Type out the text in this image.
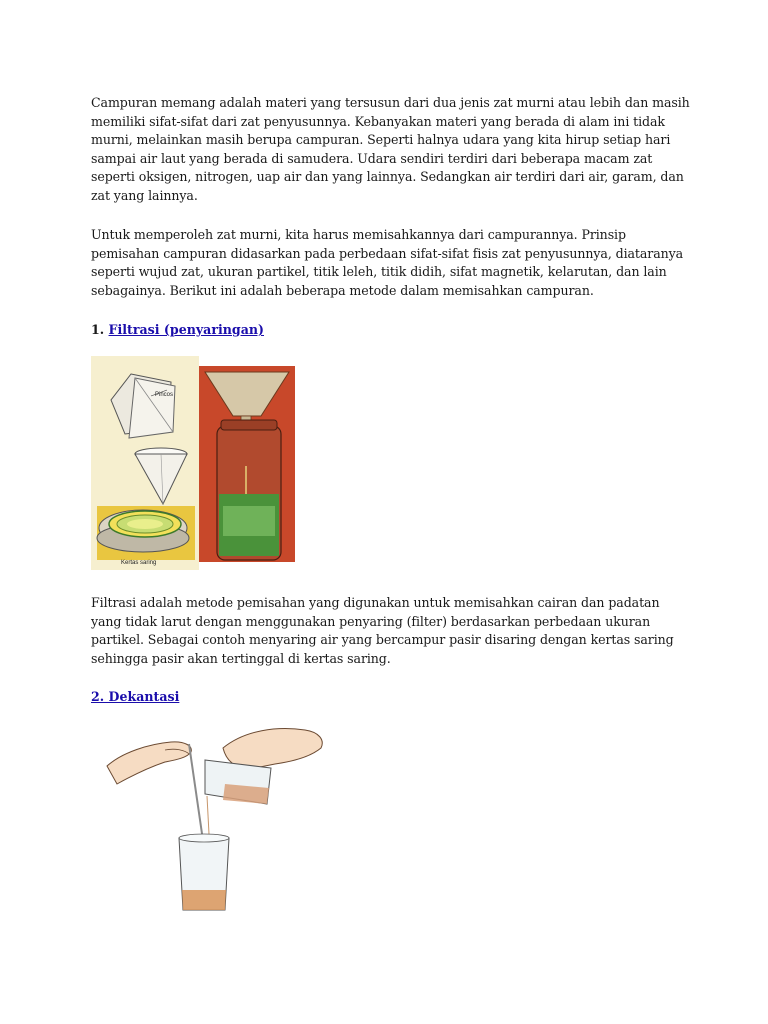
Campuran memang adalah materi yang tersusun dari dua jenis zat murni atau lebih dan masih memiliki sifat-sifat dari zat penyusunnya. Kebanyakan materi yang berada di alam ini tidak murni, melainkan masih berupa campuran. Seperti halnya udara yang kita hirup setiap hari sampai air laut yang berada di samudera. Udara sendiri terdiri dari beberapa macam zat seperti oksigen, nitrogen, uap air dan yang lainnya. Sedangkan air terdiri dari air, garam, dan zat yang lainnya.

Untuk memperoleh zat murni, kita harus memisahkannya dari campurannya. Prinsip pemisahan campuran didasarkan pada perbedaan sifat-sifat fisis zat penyusunnya, diataranya seperti wujud zat, ukuran partikel, titik leleh, titik didih, sifat magnetik, kelarutan, dan lain sebagainya. Berikut ini adalah beberapa metode dalam memisahkan campuran.

1. Filtrasi (penyaringan)
Pincos
Kertas saring

Filtrasi adalah metode pemisahan yang digunakan untuk memisahkan cairan dan padatan yang tidak larut dengan menggunakan penyaring (filter) berdasarkan perbedaan ukuran partikel. Sebagai contoh menyaring air yang bercampur pasir disaring dengan kertas saring sehingga pasir akan tertinggal di kertas saring.

2. Dekantasi
